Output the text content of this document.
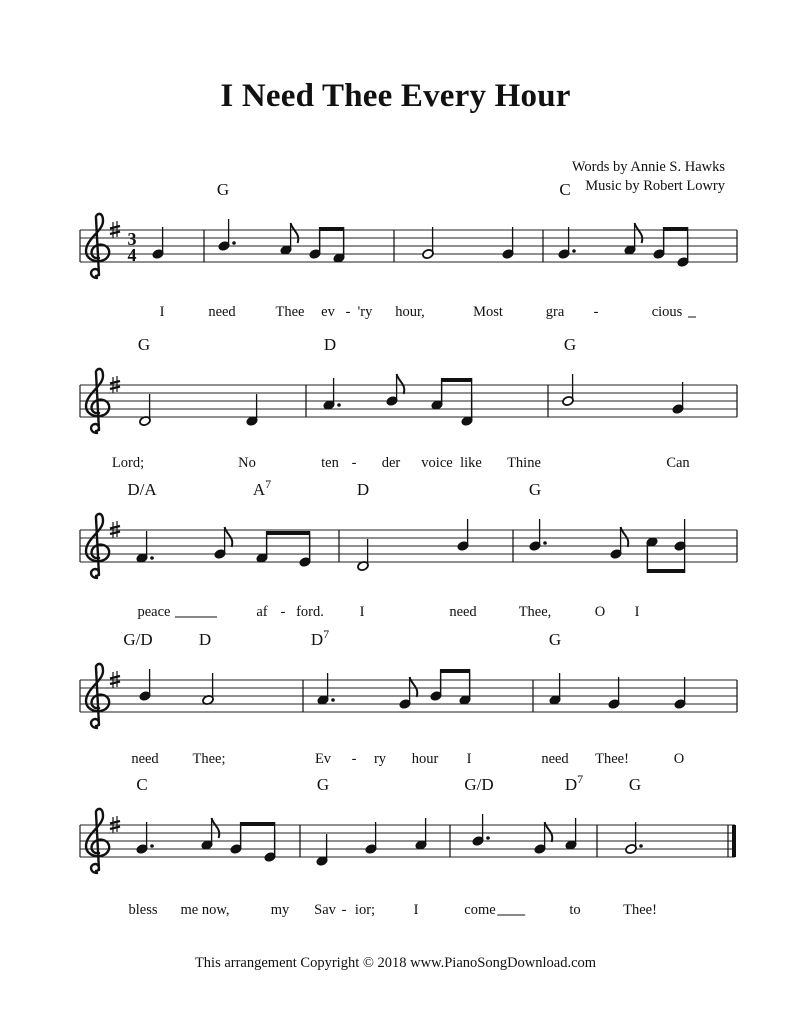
I Need Thee Every Hour
Words by Annie S. Hawks
Music by Robert Lowry
3
4
G	C
I	need	Thee ev - 'ry hour,	Most	gra -	cious
G	D	G
Lord;	No	ten - der voice like Thine	Can
D/A	$A^7$	D	G
peace	af - ford. I	need	Thee,	O I
G/D	D	$D^7$	G
need Thee;	Ev - ry hour I	need Thee!	O
C	G	G/D	$D^7$	G
bless me now,	my Sav - ior;	I	come	to	Thee!
This arrangement Copyright © 2018 www.PianoSongDownload.com
